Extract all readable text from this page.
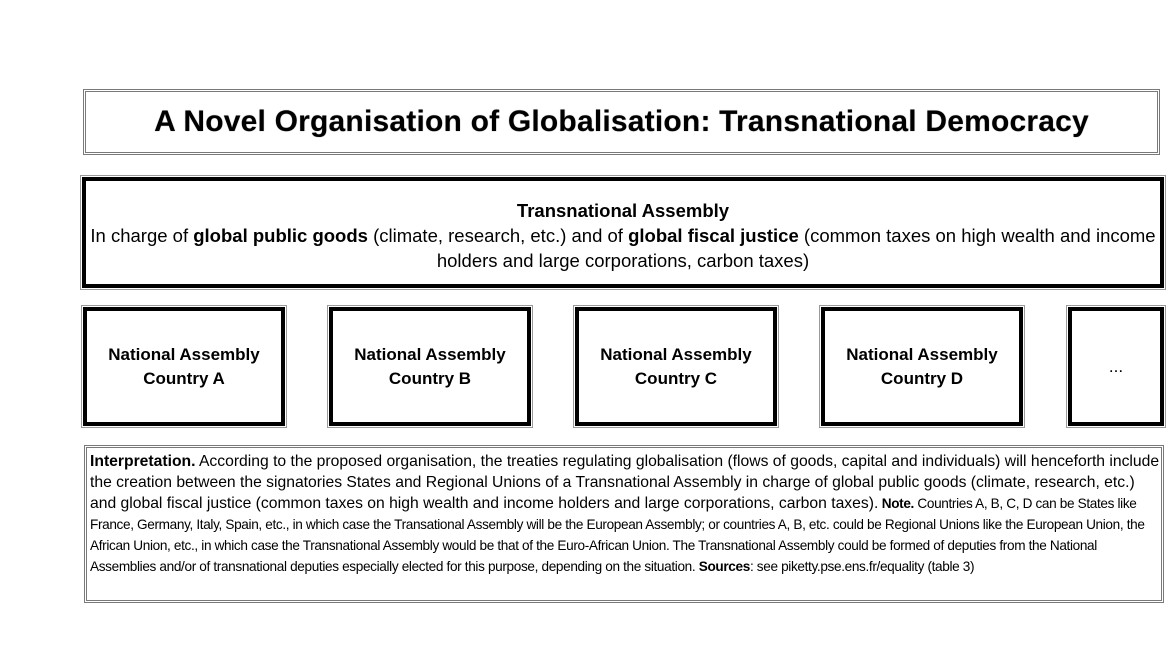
A Novel Organisation of Globalisation: Transnational Democracy
Transnational Assembly
In charge of global public goods (climate, research, etc.) and of global fiscal justice (common taxes on high wealth and income holders and large corporations, carbon taxes)
National Assembly
Country A
National Assembly
Country B
National Assembly
Country C
National Assembly
Country D
...
Interpretation. According to the proposed organisation, the treaties regulating globalisation (flows of goods, capital and individuals) will henceforth include the creation between the signatories States and Regional Unions of a Transnational Assembly in charge of global public goods (climate, research, etc.) and global fiscal justice (common taxes on high wealth and income holders and large corporations, carbon taxes). Note. Countries A, B, C, D can be States like France, Germany, Italy, Spain, etc., in which case the Transational Assembly will be the European Assembly; or countries A, B, etc. could be Regional Unions like the European Union, the African Union, etc., in which case the Transnational Assembly would be that of the Euro-African Union. The Transnational Assembly could be formed of deputies from the National Assemblies and/or of transnational deputies especially elected for this purpose, depending on the situation. Sources: see piketty.pse.ens.fr/equality (table 3)
